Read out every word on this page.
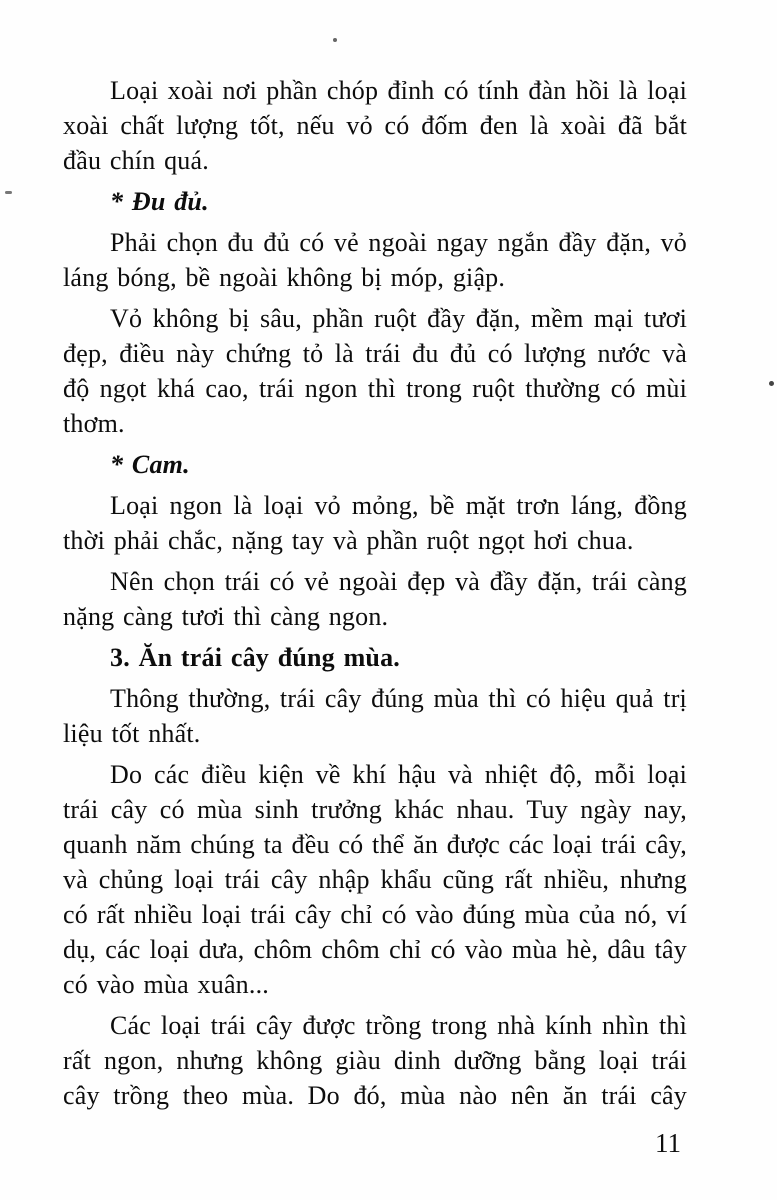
Loại xoài nơi phần chóp đỉnh có tính đàn hồi là loại xoài chất lượng tốt, nếu vỏ có đốm đen là xoài đã bắt đầu chín quá.

* Đu đủ.

Phải chọn đu đủ có vẻ ngoài ngay ngắn đầy đặn, vỏ láng bóng, bề ngoài không bị móp, giập.

Vỏ không bị sâu, phần ruột đầy đặn, mềm mại tươi đẹp, điều này chứng tỏ là trái đu đủ có lượng nước và độ ngọt khá cao, trái ngon thì trong ruột thường có mùi thơm.

* Cam.

Loại ngon là loại vỏ mỏng, bề mặt trơn láng, đồng thời phải chắc, nặng tay và phần ruột ngọt hơi chua.

Nên chọn trái có vẻ ngoài đẹp và đầy đặn, trái càng nặng càng tươi thì càng ngon.

3. Ăn trái cây đúng mùa.

Thông thường, trái cây đúng mùa thì có hiệu quả trị liệu tốt nhất.

Do các điều kiện về khí hậu và nhiệt độ, mỗi loại trái cây có mùa sinh trưởng khác nhau. Tuy ngày nay, quanh năm chúng ta đều có thể ăn được các loại trái cây, và chủng loại trái cây nhập khẩu cũng rất nhiều, nhưng có rất nhiều loại trái cây chỉ có vào đúng mùa của nó, ví dụ, các loại dưa, chôm chôm chỉ có vào mùa hè, dâu tây có vào mùa xuân...

Các loại trái cây được trồng trong nhà kính nhìn thì rất ngon, nhưng không giàu dinh dưỡng bằng loại trái cây trồng theo mùa. Do đó, mùa nào nên ăn trái cây

11
